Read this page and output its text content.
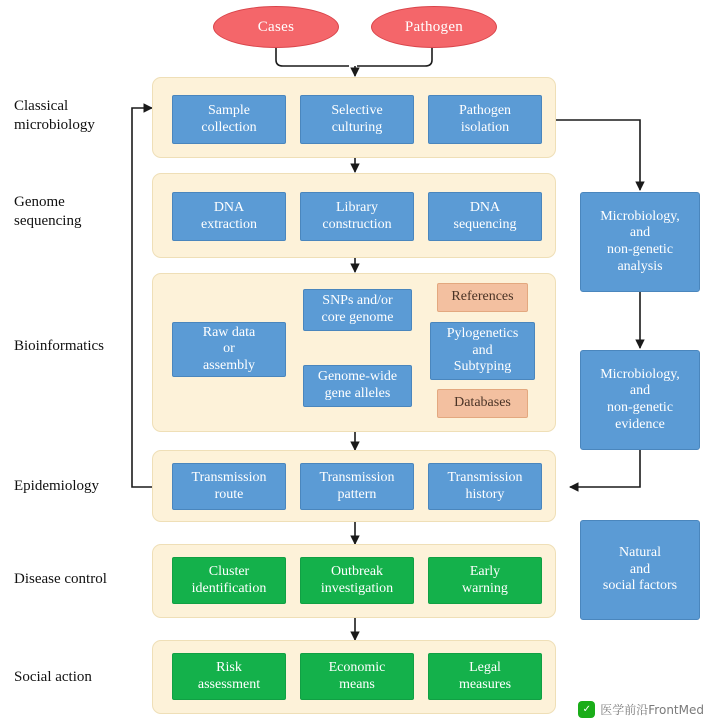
Cases	Pathogen
Classical
microbiology
Genome
sequencing
Bioinformatics
Epidemiology
Disease control
Social action
Sample
collection
Selective
culturing
Pathogen
isolation
DNA
extraction
Library
construction
DNA
sequencing
Raw data
or
assembly
SNPs and/or
core genome
Genome-wide
gene alleles
References
Databases
Pylogenetics
and
Subtyping
Transmission
route
Transmission
pattern
Transmission
history
Cluster
identification
Outbreak
investigation
Early
warning
Risk
assessment
Economic
means
Legal
measures
Microbiology,
and
non-genetic
analysis
Microbiology,
and
non-genetic
evidence
Natural
and
social factors
✓ 医学前沿FrontMed
